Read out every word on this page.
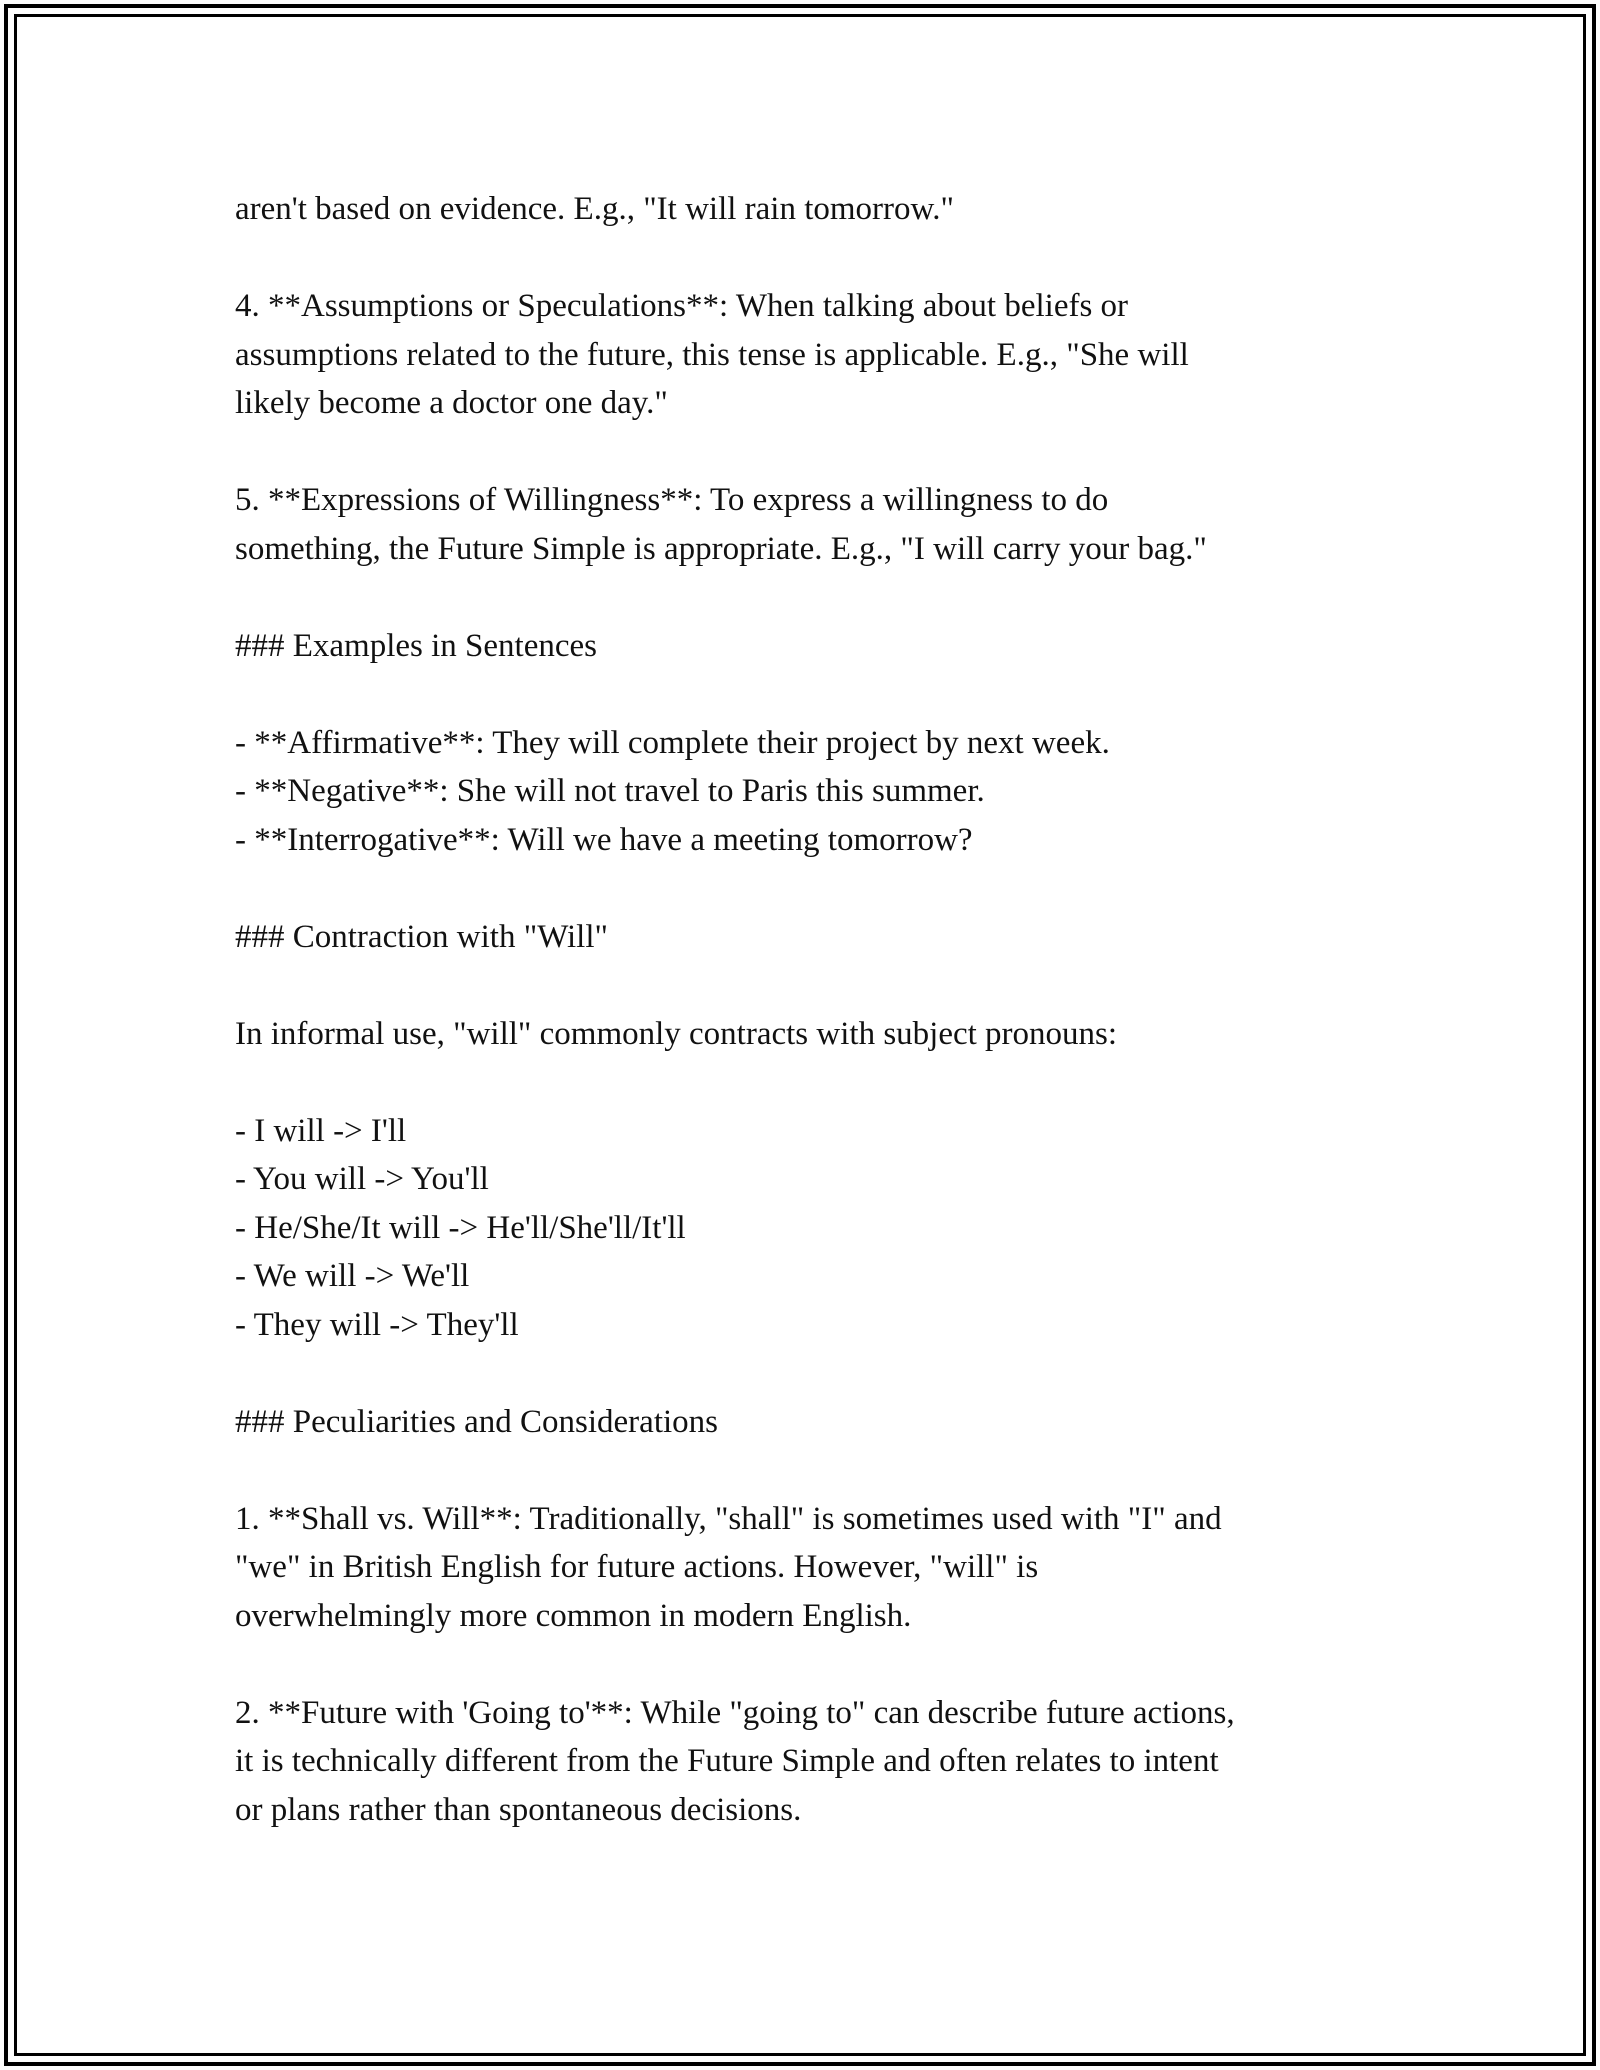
aren't based on evidence. E.g., "It will rain tomorrow."
4. **Assumptions or Speculations**: When talking about beliefs or
assumptions related to the future, this tense is applicable. E.g., "She will
likely become a doctor one day."
5. **Expressions of Willingness**: To express a willingness to do
something, the Future Simple is appropriate. E.g., "I will carry your bag."
### Examples in Sentences
- **Affirmative**: They will complete their project by next week.
- **Negative**: She will not travel to Paris this summer.
- **Interrogative**: Will we have a meeting tomorrow?
### Contraction with "Will"
In informal use, "will" commonly contracts with subject pronouns:
- I will -> I'll
- You will -> You'll
- He/She/It will -> He'll/She'll/It'll
- We will -> We'll
- They will -> They'll
### Peculiarities and Considerations
1. **Shall vs. Will**: Traditionally, "shall" is sometimes used with "I" and
"we" in British English for future actions. However, "will" is
overwhelmingly more common in modern English.
2. **Future with 'Going to'**: While "going to" can describe future actions,
it is technically different from the Future Simple and often relates to intent
or plans rather than spontaneous decisions.
